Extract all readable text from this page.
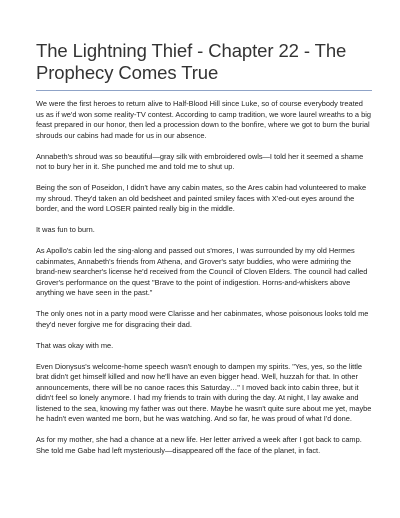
The Lightning Thief - Chapter 22 - The Prophecy Comes True

We were the first heroes to return alive to Half-Blood Hill since Luke, so of course everybody treated us as if we'd won some reality-TV contest. According to camp tradition, we wore laurel wreaths to a big feast prepared in our honor, then led a procession down to the bonfire, where we got to burn the burial shrouds our cabins had made for us in our absence.

Annabeth's shroud was so beautiful—gray silk with embroidered owls—I told her it seemed a shame not to bury her in it. She punched me and told me to shut up.

Being the son of Poseidon, I didn't have any cabin mates, so the Ares cabin had volunteered to make my shroud. They'd taken an old bedsheet and painted smiley faces with X'ed-out eyes around the border, and the word LOSER painted really big in the middle.

It was fun to burn.

As Apollo's cabin led the sing-along and passed out s'mores, I was surrounded by my old Hermes cabinmates, Annabeth's friends from Athena, and Grover's satyr buddies, who were admiring the brand-new searcher's license he'd received from the Council of Cloven Elders. The council had called Grover's performance on the quest "Brave to the point of indigestion. Horns-and-whiskers above anything we have seen in the past."

The only ones not in a party mood were Clarisse and her cabinmates, whose poisonous looks told me they'd never forgive me for disgracing their dad.

That was okay with me.

Even Dionysus's welcome-home speech wasn't enough to dampen my spirits. "Yes, yes, so the little brat didn't get himself killed and now he'll have an even bigger head. Well, huzzah for that. In other announcements, there will be no canoe races this Saturday…" I moved back into cabin three, but it didn't feel so lonely anymore. I had my friends to train with during the day. At night, I lay awake and listened to the sea, knowing my father was out there. Maybe he wasn't quite sure about me yet, maybe he hadn't even wanted me born, but he was watching. And so far, he was proud of what I'd done.

As for my mother, she had a chance at a new life. Her letter arrived a week after I got back to camp. She told me Gabe had left mysteriously—disappeared off the face of the planet, in fact.
